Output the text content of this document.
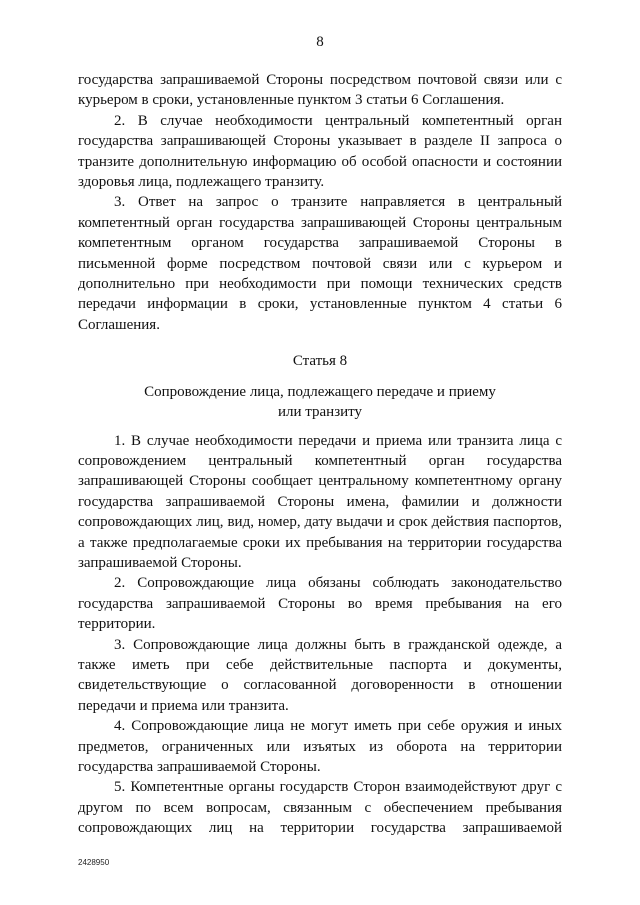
8

государства запрашиваемой Стороны посредством почтовой связи или с курьером в сроки, установленные пунктом 3 статьи 6 Соглашения.

2. В случае необходимости центральный компетентный орган государства запрашивающей Стороны указывает в разделе II запроса о транзите дополнительную информацию об особой опасности и состоянии здоровья лица, подлежащего транзиту.

3. Ответ на запрос о транзите направляется в центральный компетентный орган государства запрашивающей Стороны центральным компетентным органом государства запрашиваемой Стороны в письменной форме посредством почтовой связи или с курьером и дополнительно при необходимости при помощи технических средств передачи информации в сроки, установленные пунктом 4 статьи 6 Соглашения.

Статья 8
Сопровождение лица, подлежащего передаче и приему
или транзиту

1. В случае необходимости передачи и приема или транзита лица с сопровождением центральный компетентный орган государства запрашивающей Стороны сообщает центральному компетентному органу государства запрашиваемой Стороны имена, фамилии и должности сопровождающих лиц, вид, номер, дату выдачи и срок действия паспортов, а также предполагаемые сроки их пребывания на территории государства запрашиваемой Стороны.

2. Сопровождающие лица обязаны соблюдать законодательство государства запрашиваемой Стороны во время пребывания на его территории.

3. Сопровождающие лица должны быть в гражданской одежде, а также иметь при себе действительные паспорта и документы, свидетельствующие о согласованной договоренности в отношении передачи и приема или транзита.

4. Сопровождающие лица не могут иметь при себе оружия и иных предметов, ограниченных или изъятых из оборота на территории государства запрашиваемой Стороны.

5. Компетентные органы государств Сторон взаимодействуют друг с другом по всем вопросам, связанным с обеспечением пребывания сопровождающих лиц на территории государства запрашиваемой

2428950
